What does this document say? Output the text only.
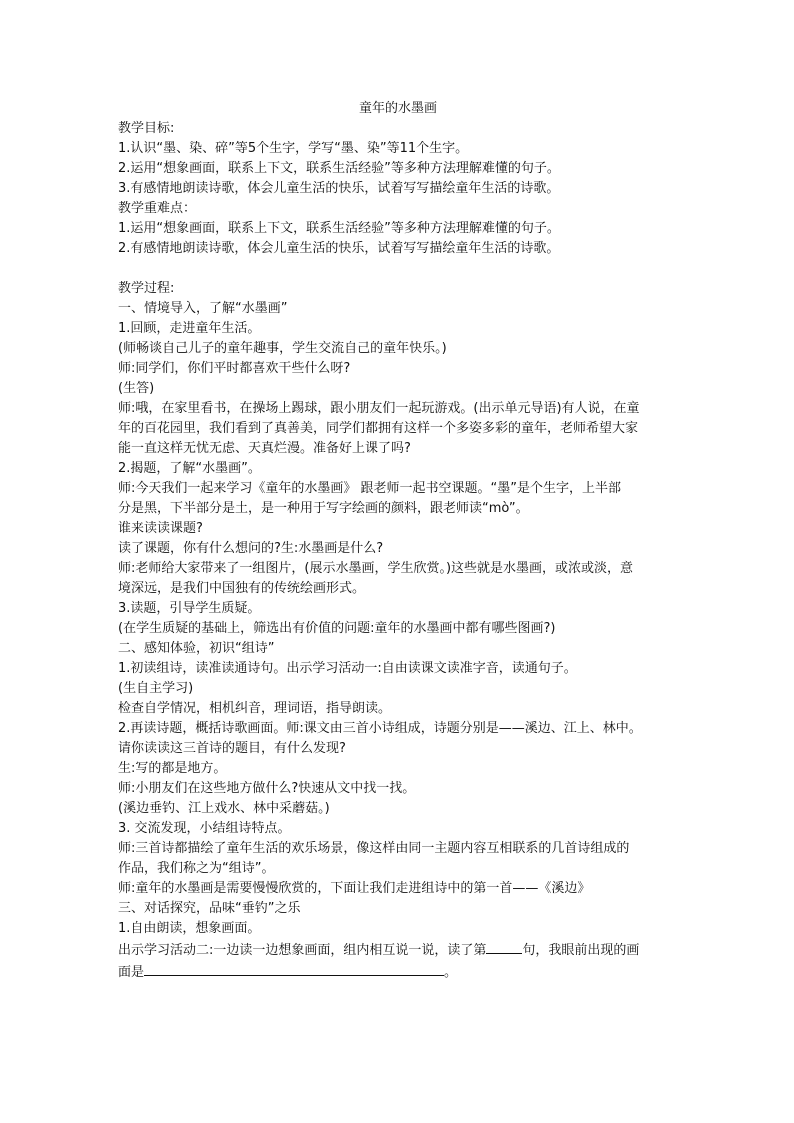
童年的水墨画

教学目标:

1.认识“墨、染、碎”等5个生字，学写“墨、染”等11个生字。

2.运用“想象画面，联系上下文，联系生活经验”等多种方法理解难懂的句子。

3.有感情地朗读诗歌，体会儿童生活的快乐，试着写写描绘童年生活的诗歌。

教学重难点：

1.运用“想象画面，联系上下文，联系生活经验”等多种方法理解难懂的句子。

2.有感情地朗读诗歌，体会儿童生活的快乐，试着写写描绘童年生活的诗歌。

教学过程:

一、情境导入，了解“水墨画”

1.回顾，走进童年生活。

(师畅谈自己儿子的童年趣事，学生交流自己的童年快乐。)

师:同学们，你们平时都喜欢干些什么呀?

(生答)

师:哦，在家里看书，在操场上踢球，跟小朋友们一起玩游戏。(出示单元导语)有人说，在童

年的百花园里，我们看到了真善美，同学们都拥有这样一个多姿多彩的童年，老师希望大家

能一直这样无忧无虑、天真烂漫。准备好上课了吗?

2.揭题，了解“水墨画”。

师:今天我们一起来学习《童年的水墨画》 跟老师一起书空课题。“墨”是个生字，上半部

分是黑，下半部分是土，是一种用于写字绘画的颜料，跟老师读“mò”。

谁来读读课题?

读了课题，你有什么想问的?生:水墨画是什么?

师:老师给大家带来了一组图片，(展示水墨画，学生欣赏。)这些就是水墨画，或浓或淡，意

境深远，是我们中国独有的传统绘画形式。

3.读题，引导学生质疑。

(在学生质疑的基础上，筛选出有价值的问题:童年的水墨画中都有哪些图画?)

二、感知体验，初识“组诗”

1.初读组诗，读准读通诗句。出示学习活动一:自由读课文读准字音，读通句子。

(生自主学习)

检查自学情况，相机纠音，理词语，指导朗读。

2.再读诗题，概括诗歌画面。师:课文由三首小诗组成，诗题分别是——溪边、江上、林中。

请你读读这三首诗的题目，有什么发现?

生:写的都是地方。

师:小朋友们在这些地方做什么?快速从文中找一找。

(溪边垂钓、江上戏水、林中采蘑菇。)

3. 交流发现，小结组诗特点。

师:三首诗都描绘了童年生活的欢乐场景，像这样由同一主题内容互相联系的几首诗组成的

作品，我们称之为“组诗”。

师:童年的水墨画是需要慢慢欣赏的，下面让我们走进组诗中的第一首——《溪边》

三、对话探究，品味“垂钓”之乐

1.自由朗读，想象画面。

出示学习活动二:一边读一边想象画面，组内相互说一说，读了第	句，我眼前出现的画

面是	。
